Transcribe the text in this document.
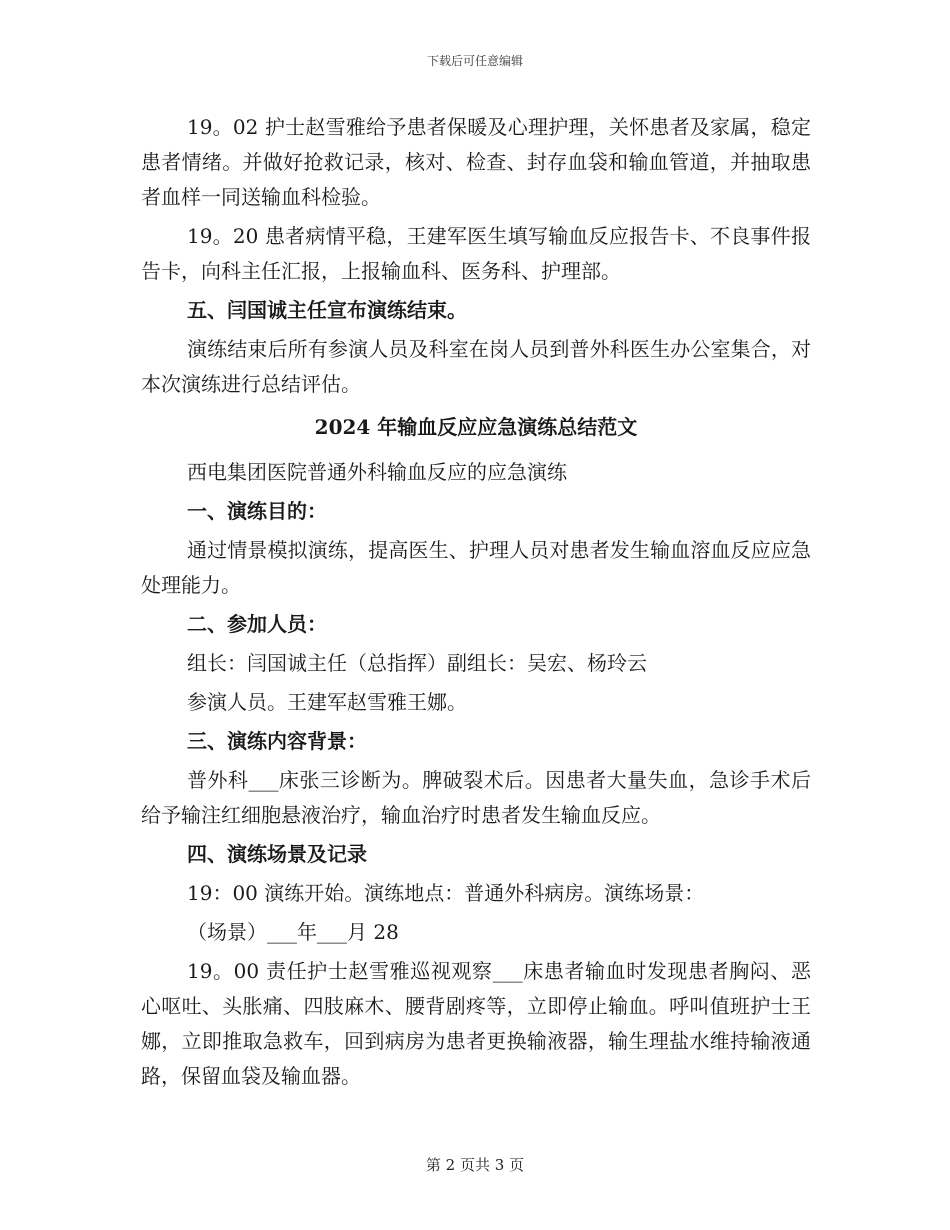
下载后可任意编辑

19。02 护士赵雪雅给予患者保暖及心理护理，关怀患者及家属，稳定患者情绪。并做好抢救记录，核对、检查、封存血袋和输血管道，并抽取患者血样一同送输血科检验。

19。20 患者病情平稳，王建军医生填写输血反应报告卡、不良事件报告卡，向科主任汇报，上报输血科、医务科、护理部。

五、闫国诚主任宣布演练结束。

演练结束后所有参演人员及科室在岗人员到普外科医生办公室集合，对本次演练进行总结评估。

2024 年输血反应应急演练总结范文

西电集团医院普通外科输血反应的应急演练

一、演练目的：

通过情景模拟演练，提高医生、护理人员对患者发生输血溶血反应应急处理能力。

二、参加人员：

组长：闫国诚主任（总指挥）副组长：吴宏、杨玲云

参演人员。王建军赵雪雅王娜。

三、演练内容背景：

普外科___床张三诊断为。脾破裂术后。因患者大量失血，急诊手术后给予输注红细胞悬液治疗，输血治疗时患者发生输血反应。

四、演练场景及记录

19：00 演练开始。演练地点：普通外科病房。演练场景：

（场景）___年___月 28

19。00 责任护士赵雪雅巡视观察___床患者输血时发现患者胸闷、恶心呕吐、头胀痛、四肢麻木、腰背剧疼等，立即停止输血。呼叫值班护士王娜，立即推取急救车，回到病房为患者更换输液器，输生理盐水维持输液通路，保留血袋及输血器。

第 2 页共 3 页
